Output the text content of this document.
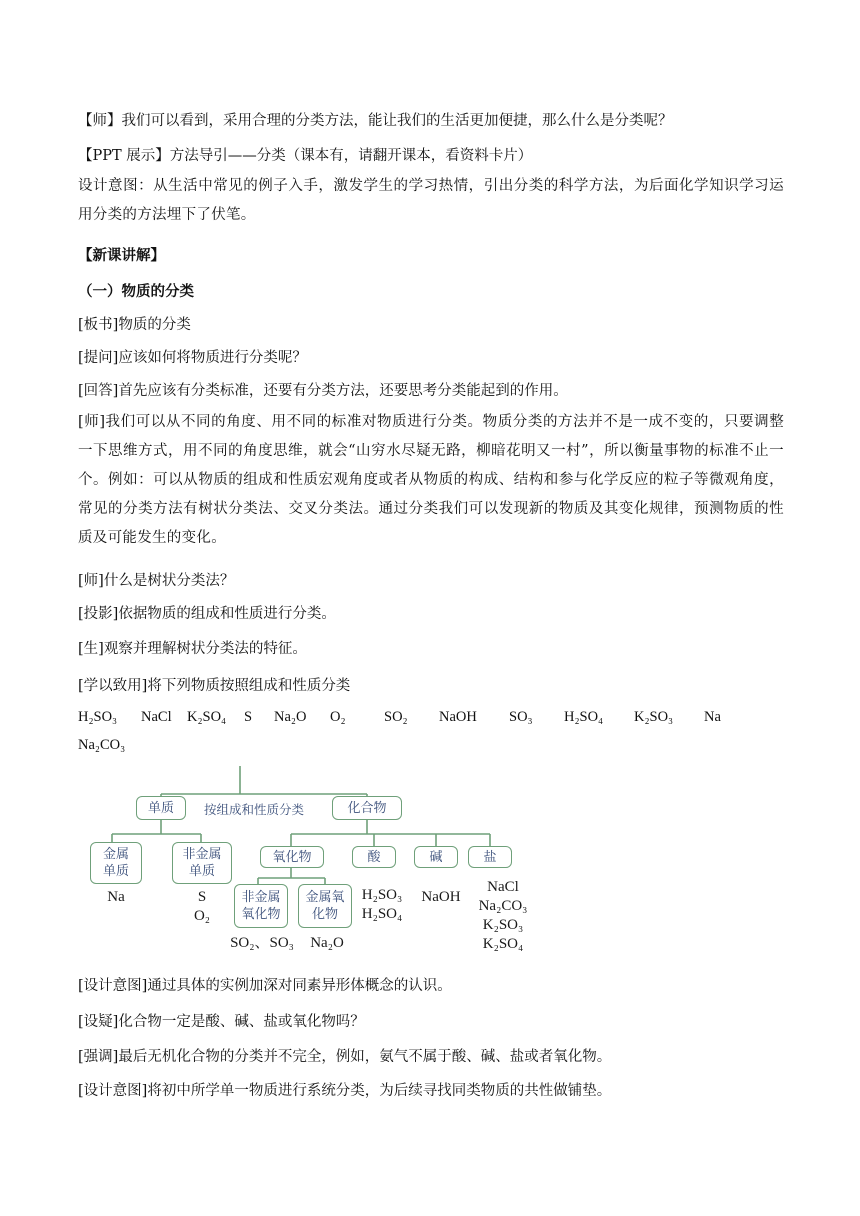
【师】我们可以看到，采用合理的分类方法，能让我们的生活更加便捷，那么什么是分类呢？
【PPT 展示】方法导引——分类（课本有，请翻开课本，看资料卡片）
设计意图：从生活中常见的例子入手，激发学生的学习热情，引出分类的科学方法，为后面化学知识学习运用分类的方法埋下了伏笔。
【新课讲解】
（一）物质的分类
[板书]物质的分类
[提问]应该如何将物质进行分类呢？
[回答]首先应该有分类标准，还要有分类方法，还要思考分类能起到的作用。
[师]我们可以从不同的角度、用不同的标准对物质进行分类。物质分类的方法并不是一成不变的，只要调整一下思维方式，用不同的角度思维，就会“山穷水尽疑无路，柳暗花明又一村”，所以衡量事物的标准不止一个。例如：可以从物质的组成和性质宏观角度或者从物质的构成、结构和参与化学反应的粒子等微观角度，常见的分类方法有树状分类法、交叉分类法。通过分类我们可以发现新的物质及其变化规律，预测物质的性质及可能发生的变化。
[师]什么是树状分类法？
[投影]依据物质的组成和性质进行分类。
[生]观察并理解树状分类法的特征。
[学以致用]将下列物质按照组成和性质分类
H₂SO₃ NaCl K₂SO₄ S Na₂O O₂	SO₂ NaOH SO₃ H₂SO₄ K₂SO₃ Na
Na₂CO₃
单质	按组成和性质分类	化合物
金属
单质
非金属
单质
氧化物	酸	碱	盐
非金属
氧化物
金属氧
化物
Na	S
O₂
H₂SO₃
H₂SO₄
NaOH
NaCl
Na₂CO₃
K₂SO₃
K₂SO₄
SO₂、SO₃	Na₂O
[设计意图]通过具体的实例加深对同素异形体概念的认识。
[设疑]化合物一定是酸、碱、盐或氧化物吗？
[强调]最后无机化合物的分类并不完全，例如，氨气不属于酸、碱、盐或者氧化物。
[设计意图]将初中所学单一物质进行系统分类，为后续寻找同类物质的共性做铺垫。
